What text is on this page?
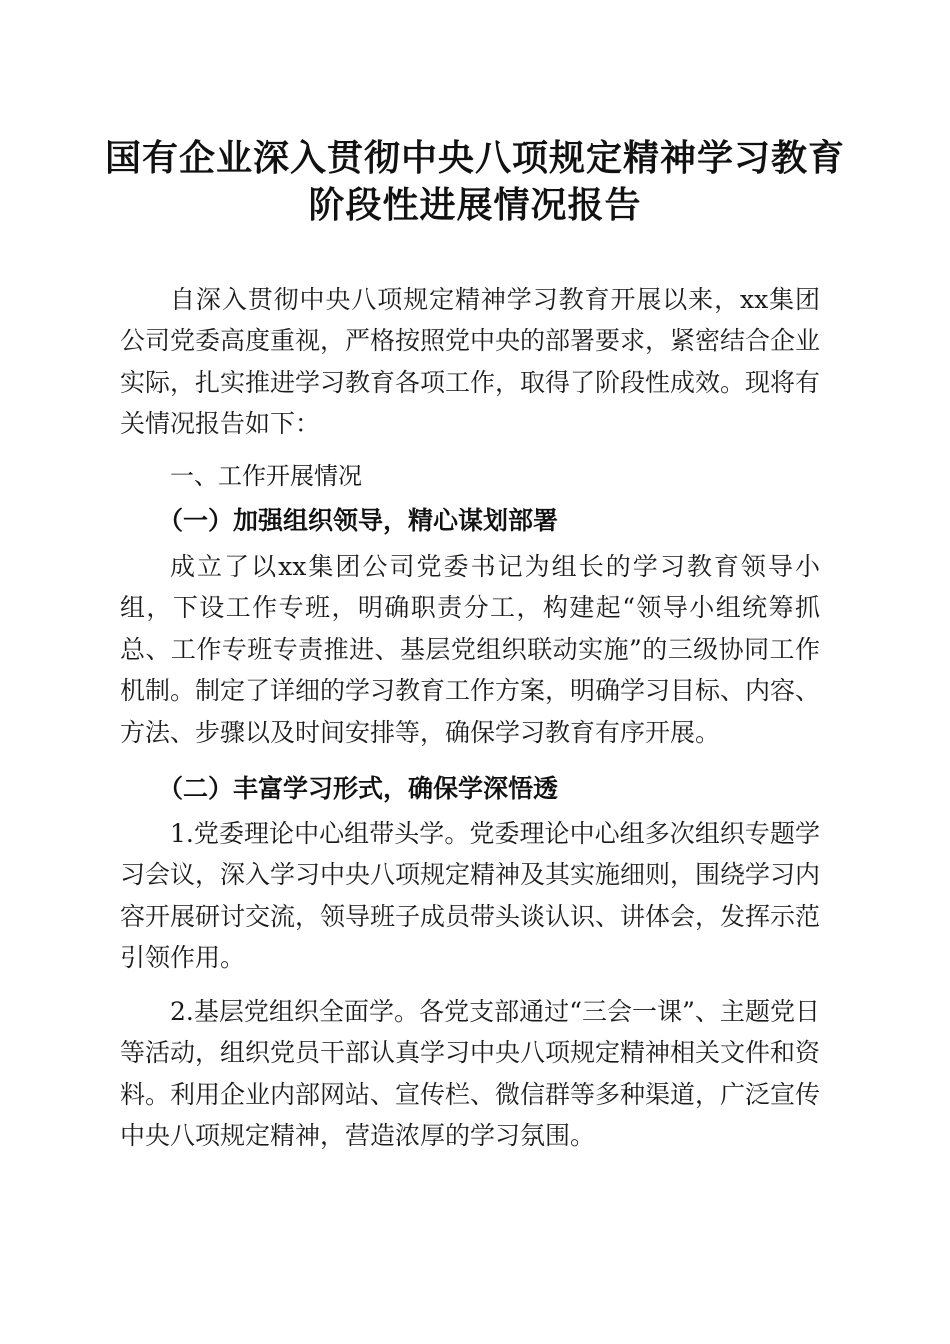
国有企业深入贯彻中央八项规定精神学习教育
阶段性进展情况报告
自深入贯彻中央八项规定精神学习教育开展以来，xx集团公司党委高度重视，严格按照党中央的部署要求，紧密结合企业实际，扎实推进学习教育各项工作，取得了阶段性成效。现将有关情况报告如下：
一、工作开展情况
（一）加强组织领导，精心谋划部署
成立了以xx集团公司党委书记为组长的学习教育领导小组，下设工作专班，明确职责分工，构建起“领导小组统筹抓总、工作专班专责推进、基层党组织联动实施”的三级协同工作机制。制定了详细的学习教育工作方案，明确学习目标、内容、方法、步骤以及时间安排等，确保学习教育有序开展。
（二）丰富学习形式，确保学深悟透
1.党委理论中心组带头学。党委理论中心组多次组织专题学习会议，深入学习中央八项规定精神及其实施细则，围绕学习内容开展研讨交流，领导班子成员带头谈认识、讲体会，发挥示范引领作用。
2.基层党组织全面学。各党支部通过“三会一课”、主题党日等活动，组织党员干部认真学习中央八项规定精神相关文件和资料。利用企业内部网站、宣传栏、微信群等多种渠道，广泛宣传中央八项规定精神，营造浓厚的学习氛围。
